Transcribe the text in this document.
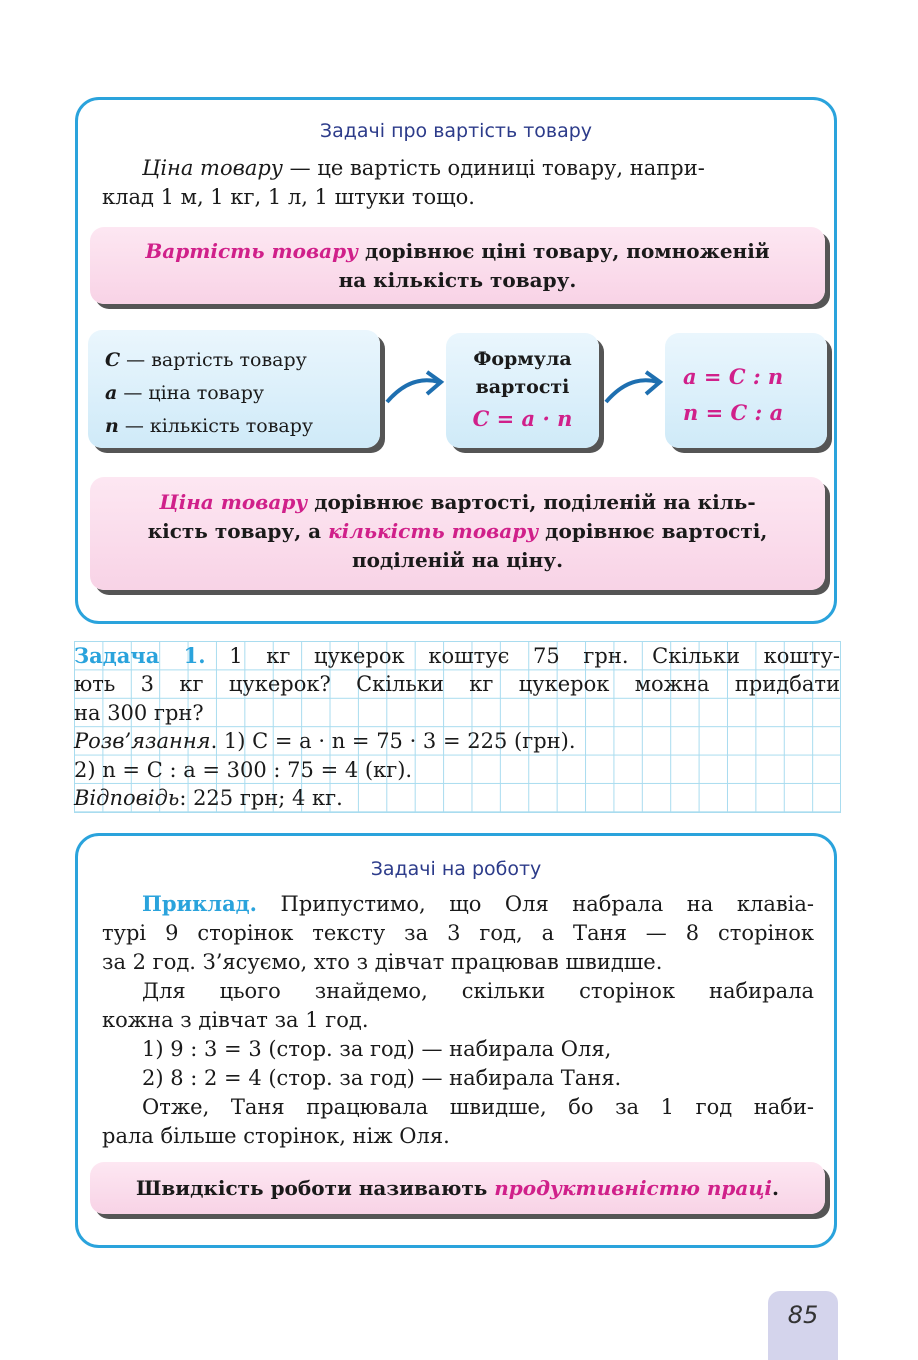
Задачі про вартість товару

Ціна товару — це вартість одиниці товару, напри-

клад 1 м, 1 кг, 1 л, 1 штуки тощо.

Вартість товару дорівнює ціні товару, помноженій
на кількість товару.
C — вартість товару
a — ціна товару
n — кількість товару
Формула
вартості
C = a · n
a = C : n
n = C : a
Ціна товару дорівнює вартості, поділеній на кіль-
кість товару, а кількість товару дорівнює вартості,
поділеній на ціну.
Задача 1. 1 кг цукерок коштує 75 грн. Скільки кошту-
ють 3 кг цукерок? Скільки кг цукерок можна придбати
на 300 грн?
Розв’язання. 1) C = a · n = 75 · 3 = 225 (грн).
2) n = C : a = 300 : 75 = 4 (кг).
Відповідь: 225 грн; 4 кг.
Задачі на роботу

Приклад. Припустимо, що Оля набрала на клавіа-

турі 9 сторінок тексту за 3 год, а Таня — 8 сторінок

за 2 год. З’ясуємо, хто з дівчат працював швидше.

Для цього знайдемо, скільки сторінок набирала

кожна з дівчат за 1 год.

1) 9 : 3 = 3 (стор. за год) — набирала Оля,

2) 8 : 2 = 4 (стор. за год) — набирала Таня.

Отже, Таня працювала швидше, бо за 1 год наби-

рала більше сторінок, ніж Оля.

Швидкість роботи називають продуктивністю праці.
85
